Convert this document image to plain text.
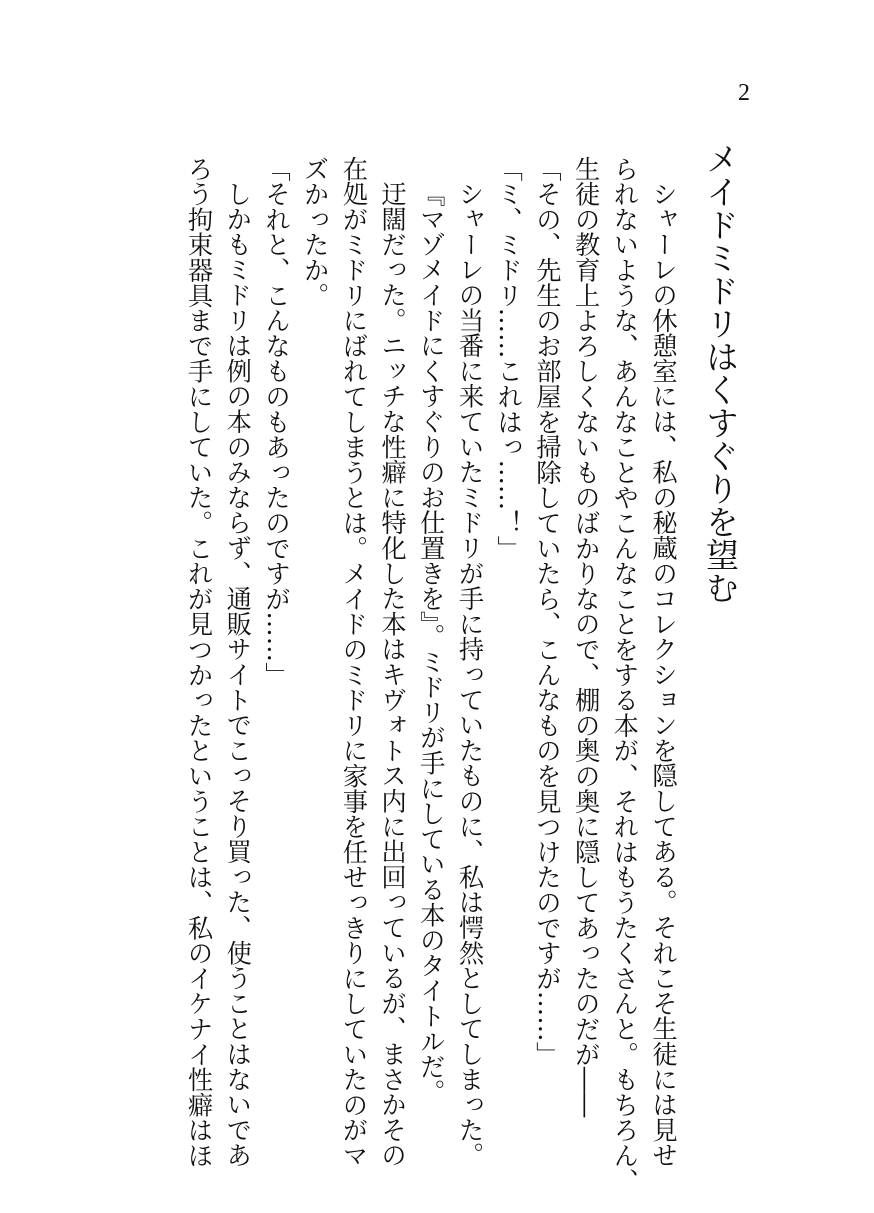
2
メイドミドリはくすぐりを望む
シャーレの休憩室には、私の秘蔵のコレクションを隠してある。それこそ生徒には見せ
られないような、あんなことやこんなことをする本が、それはもうたくさんと。もちろん、
生徒の教育上よろしくないものばかりなので、棚の奥の奥に隠してあったのだが――
「その、先生のお部屋を掃除していたら、こんなものを見つけたのですが……」
「ミ、ミドリ……これはっ……！」
シャーレの当番に来ていたミドリが手に持っていたものに、私は愕然としてしまった。
『マゾメイドにくすぐりのお仕置きを』。ミドリが手にしている本のタイトルだ。
迂闊だった。ニッチな性癖に特化した本はキヴォトス内に出回っているが、まさかその
在処がミドリにばれてしまうとは。メイドのミドリに家事を任せっきりにしていたのがマ
ズかったか。
「それと、こんなものもあったのですが……」
しかもミドリは例の本のみならず、通販サイトでこっそり買った、使うことはないであ
ろう拘束器具まで手にしていた。これが見つかったということは、私のイケナイ性癖はほ
